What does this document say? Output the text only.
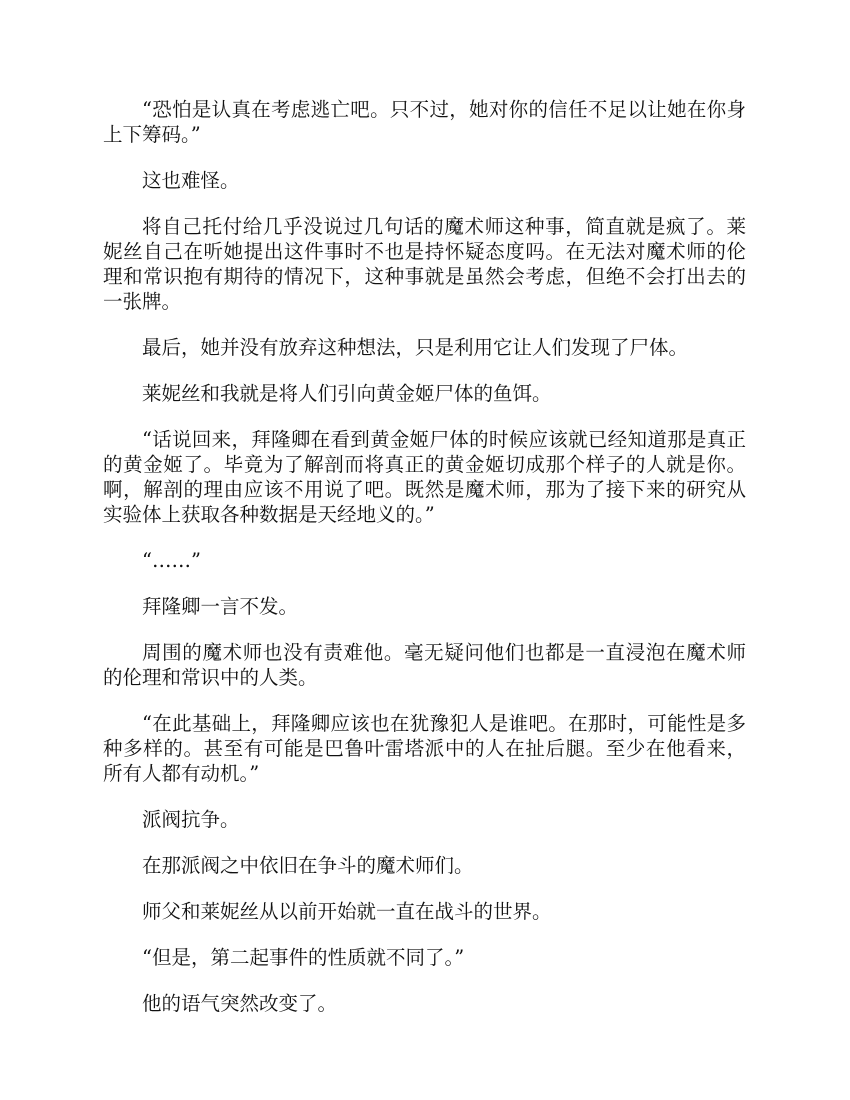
“恐怕是认真在考虑逃亡吧。只不过，她对你的信任不足以让她在你身上下筹码。”

这也难怪。

将自己托付给几乎没说过几句话的魔术师这种事，简直就是疯了。莱妮丝自己在听她提出这件事时不也是持怀疑态度吗。在无法对魔术师的伦理和常识抱有期待的情况下，这种事就是虽然会考虑，但绝不会打出去的一张牌。

最后，她并没有放弃这种想法，只是利用它让人们发现了尸体。

莱妮丝和我就是将人们引向黄金姬尸体的鱼饵。

“话说回来，拜隆卿在看到黄金姬尸体的时候应该就已经知道那是真正的黄金姬了。毕竟为了解剖而将真正的黄金姬切成那个样子的人就是你。啊，解剖的理由应该不用说了吧。既然是魔术师，那为了接下来的研究从实验体上获取各种数据是天经地义的。”

“……”

拜隆卿一言不发。

周围的魔术师也没有责难他。毫无疑问他们也都是一直浸泡在魔术师的伦理和常识中的人类。

“在此基础上，拜隆卿应该也在犹豫犯人是谁吧。在那时，可能性是多种多样的。甚至有可能是巴鲁叶雷塔派中的人在扯后腿。至少在他看来，所有人都有动机。”

派阀抗争。

在那派阀之中依旧在争斗的魔术师们。

师父和莱妮丝从以前开始就一直在战斗的世界。

“但是，第二起事件的性质就不同了。”

他的语气突然改变了。
